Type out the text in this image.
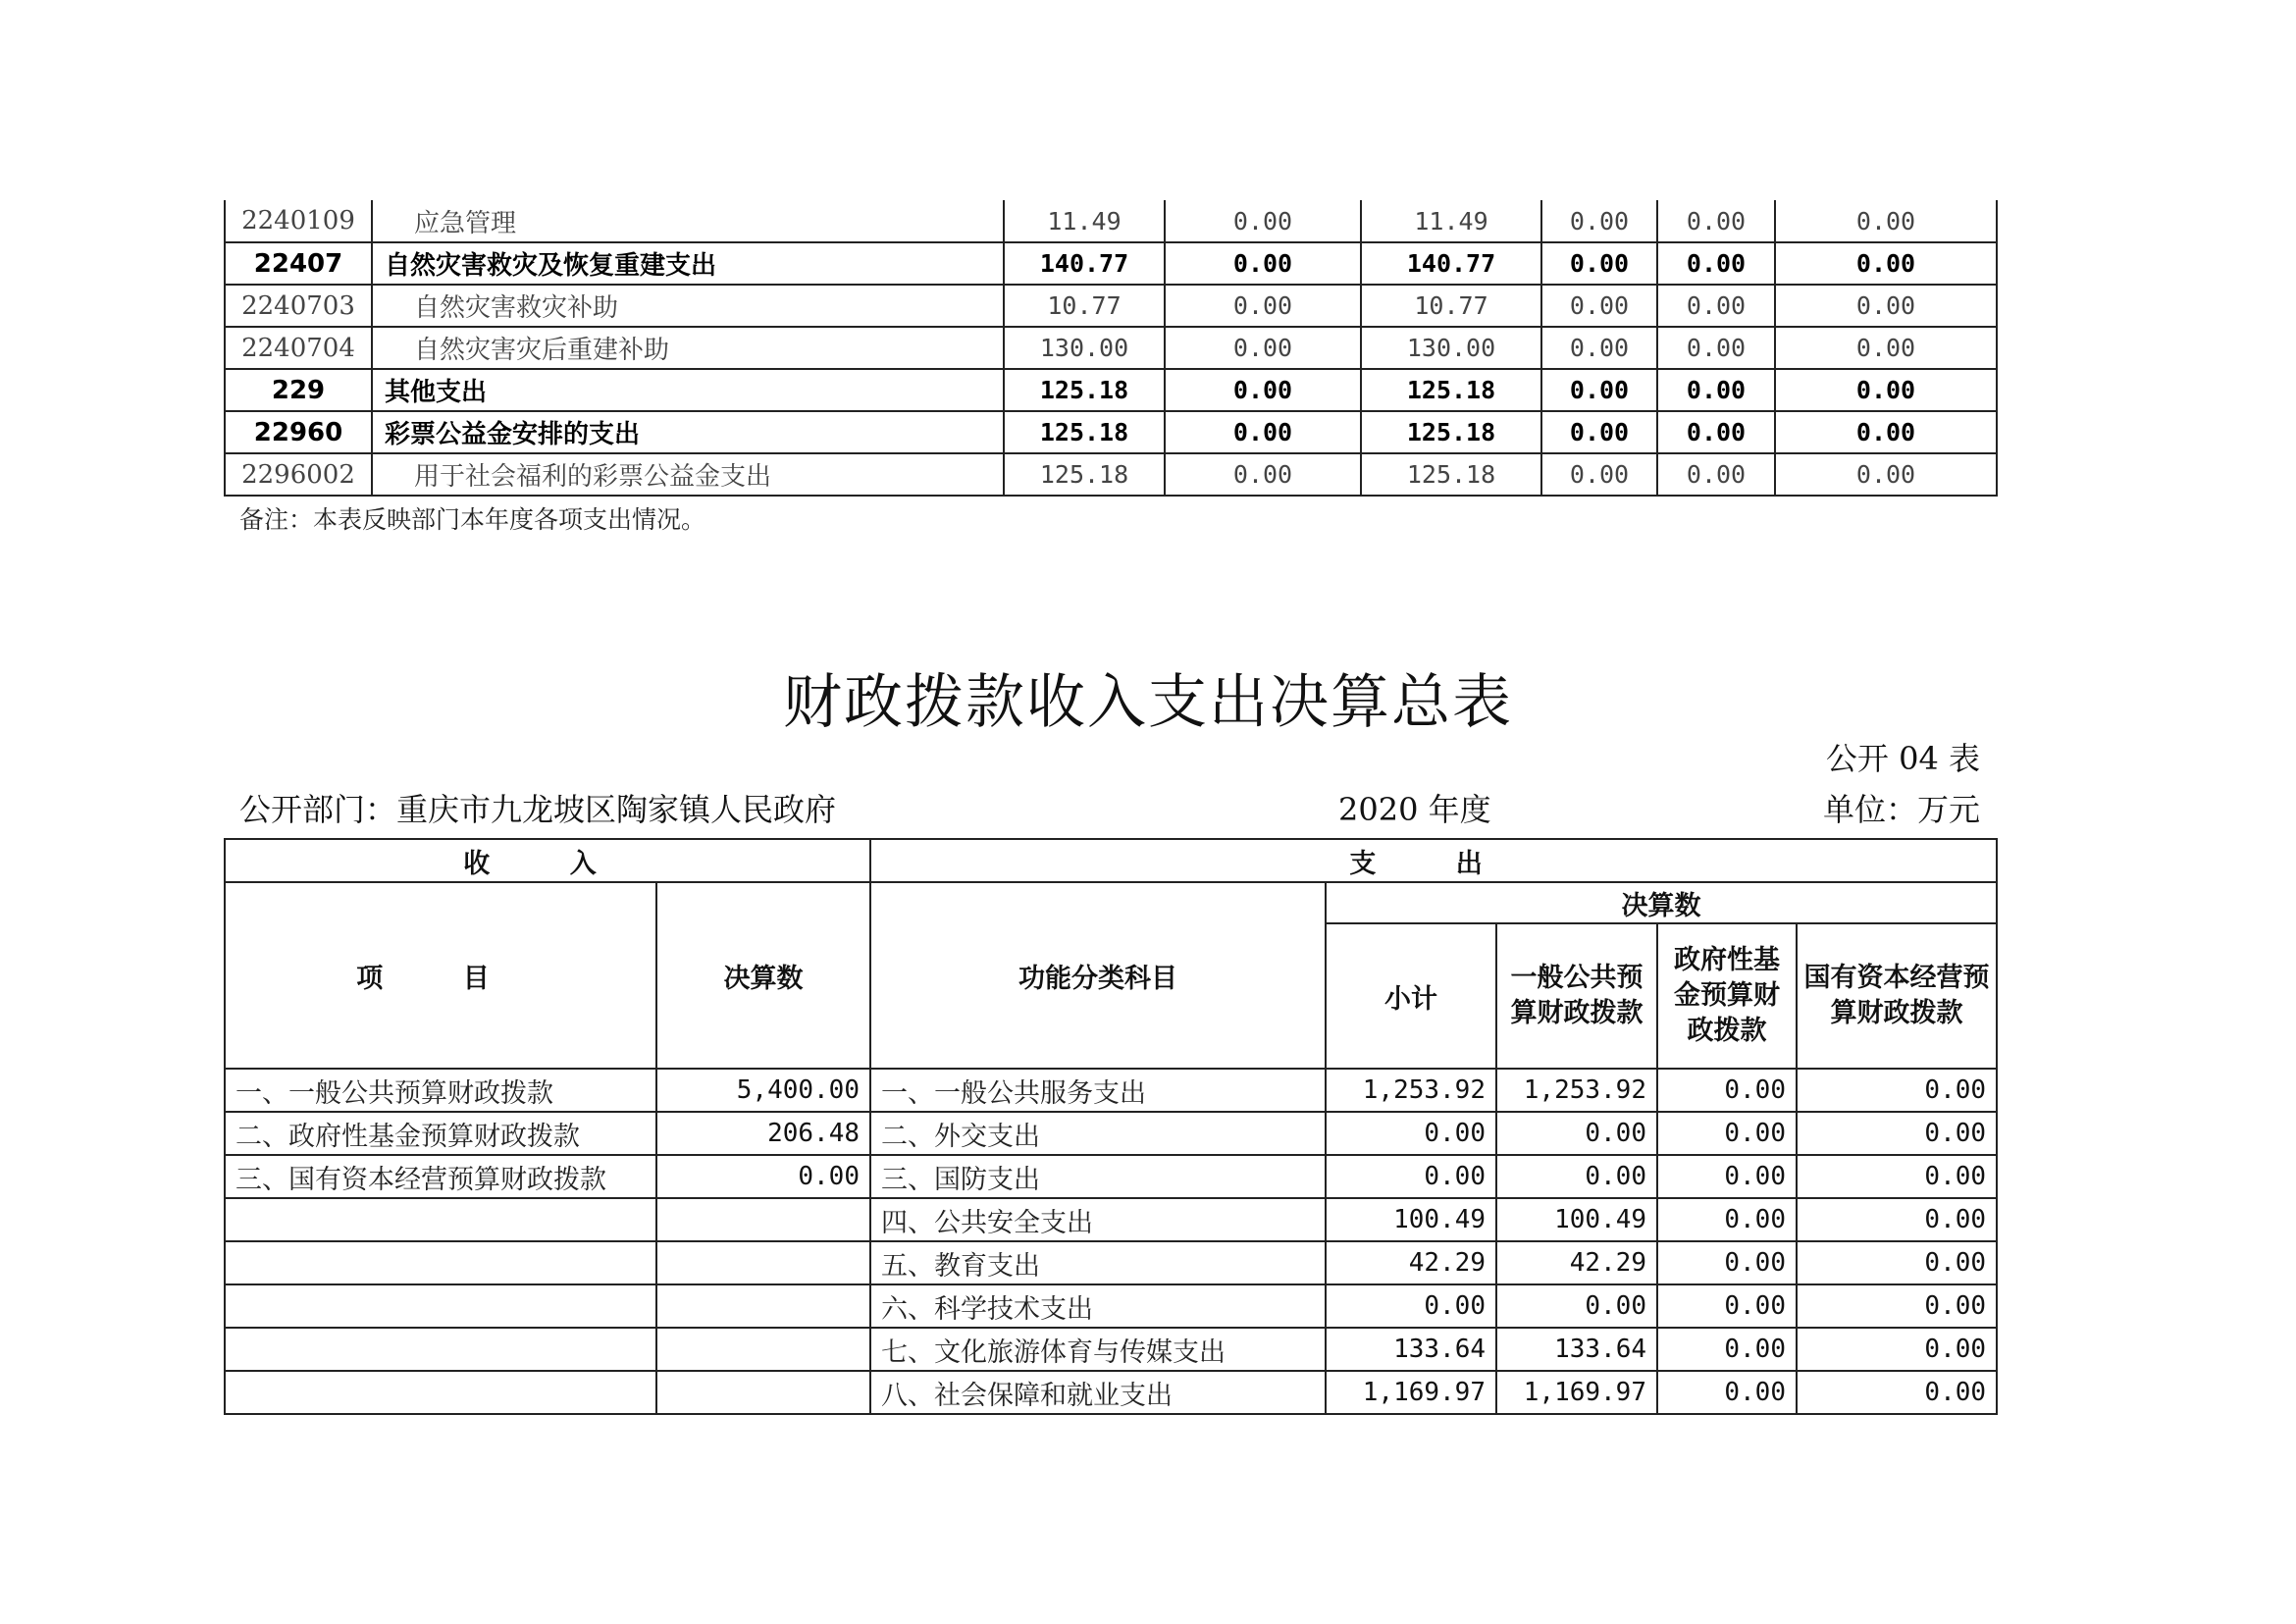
2240109	应急管理	11.49	0.00	11.49	0.00	0.00	0.00
22407	自然灾害救灾及恢复重建支出	140.77	0.00	140.77	0.00	0.00	0.00
2240703	自然灾害救灾补助	10.77	0.00	10.77	0.00	0.00	0.00
2240704	自然灾害灾后重建补助	130.00	0.00	130.00	0.00	0.00	0.00
229	其他支出	125.18	0.00	125.18	0.00	0.00	0.00
22960	彩票公益金安排的支出	125.18	0.00	125.18	0.00	0.00	0.00
2296002	用于社会福利的彩票公益金支出	125.18	0.00	125.18	0.00	0.00	0.00
备注：本表反映部门本年度各项支出情况。
财政拨款收入支出决算总表
公开 04 表
公开部门：重庆市九龙坡区陶家镇人民政府	2020 年度	单位：万元
收 入		支 出				
项 目	决算数	功能分类科目	决算数			
			小计	一般公共预算财政拨款	政府性基金预算财政拨款	国有资本经营预算财政拨款
一、一般公共预算财政拨款	5,400.00	一、一般公共服务支出	1,253.92	1,253.92	0.00	0.00
二、政府性基金预算财政拨款	206.48	二、外交支出	0.00	0.00	0.00	0.00
三、国有资本经营预算财政拨款	0.00	三、国防支出	0.00	0.00	0.00	0.00
		四、公共安全支出	100.49	100.49	0.00	0.00
		五、教育支出	42.29	42.29	0.00	0.00
		六、科学技术支出	0.00	0.00	0.00	0.00
		七、文化旅游体育与传媒支出	133.64	133.64	0.00	0.00
		八、社会保障和就业支出	1,169.97	1,169.97	0.00	0.00
